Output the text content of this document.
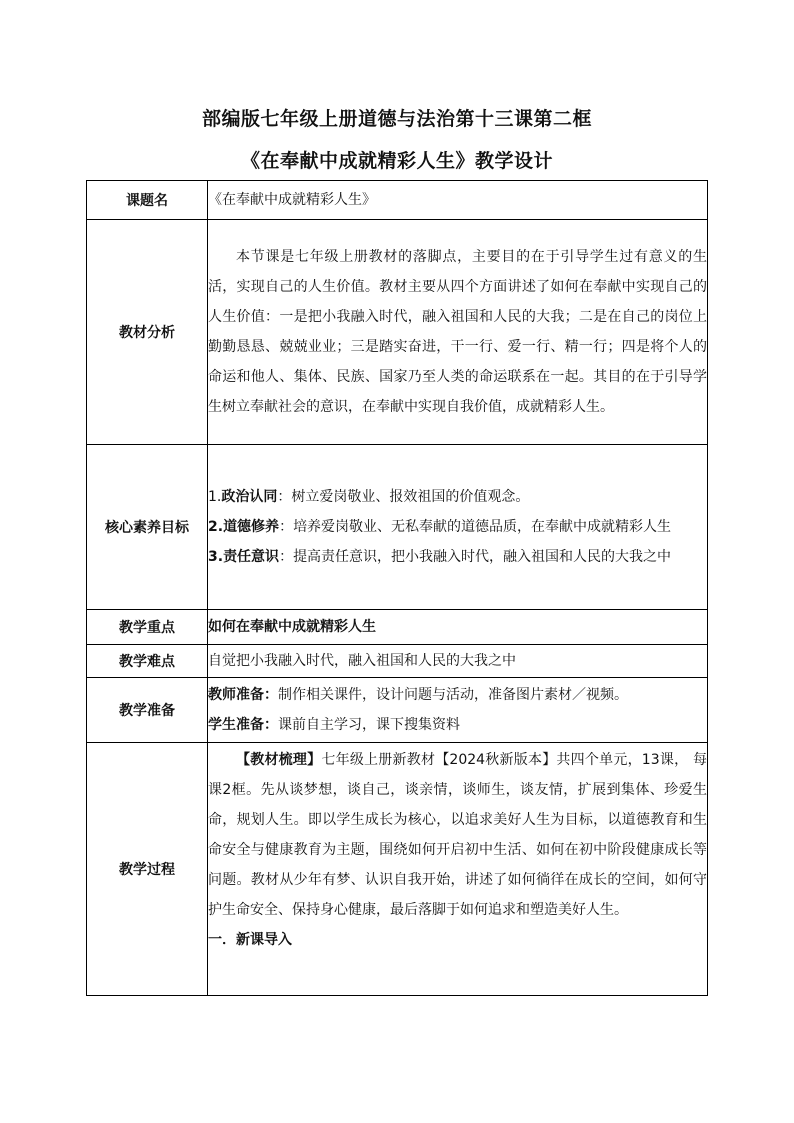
部编版七年级上册道德与法治第十三课第二框
《在奉献中成就精彩人生》教学设计
课题名	《在奉献中成就精彩人生》
教材分析	本节课是七年级上册教材的落脚点，主要目的在于引导学生过有意义的生活，实现自己的人生价值。教材主要从四个方面讲述了如何在奉献中实现自己的人生价值：一是把小我融入时代，融入祖国和人民的大我；二是在自己的岗位上勤勤恳恳、兢兢业业；三是踏实奋进，干一行、爱一行、精一行；四是将个人的命运和他人、集体、民族、国家乃至人类的命运联系在一起。其目的在于引导学生树立奉献社会的意识，在奉献中实现自我价值，成就精彩人生。
核心素养目标	1.政治认同：树立爱岗敬业、报效祖国的价值观念。
2.道德修养：培养爱岗敬业、无私奉献的道德品质，在奉献中成就精彩人生
3.责任意识：提高责任意识，把小我融入时代，融入祖国和人民的大我之中

教学重点	如何在奉献中成就精彩人生
教学难点	自觉把小我融入时代，融入祖国和人民的大我之中
教学准备	教师准备：制作相关课件，设计问题与活动，准备图片素材／视频。
学生准备：课前自主学习，课下搜集资料

教学过程	【教材梳理】七年级上册新教材【2024秋新版本】共四个单元，13课， 每课2框。先从谈梦想，谈自己，谈亲情，谈师生，谈友情，扩展到集体、珍爱生命，规划人生。即以学生成长为核心，以追求美好人生为目标，以道德教育和生命安全与健康教育为主题，围绕如何开启初中生活、如何在初中阶段健康成长等问题。教材从少年有梦、认识自我开始，讲述了如何徜徉在成长的空间，如何守护生命安全、保持身心健康，最后落脚于如何追求和塑造美好人生。
一．新课导入
